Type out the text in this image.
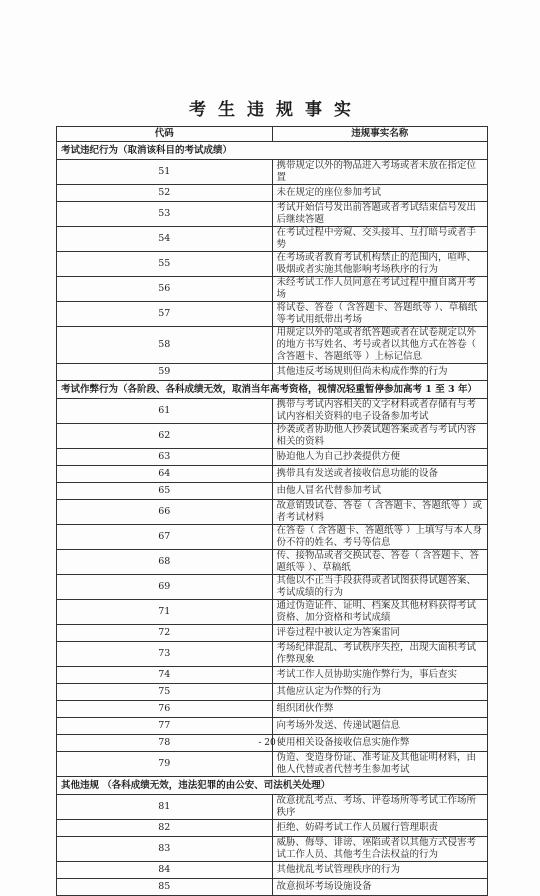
考生违规事实
代码	违规事实名称
考试违纪行为（取消该科目的考试成绩）	
51	携带规定以外的物品进入考场或者未放在指定位置
52	未在规定的座位参加考试
53	考试开始信号发出前答题或者考试结束信号发出后继续答题
54	在考试过程中旁窥、交头接耳、互打暗号或者手势
55	在考场或者教育考试机构禁止的范围内，喧哗、吸烟或者实施其他影响考场秩序的行为
56	未经考试工作人员同意在考试过程中擅自离开考场
57	将试卷、答卷（ 含答题卡、答题纸等 ）、草稿纸等考试用纸带出考场
58	用规定以外的笔或者纸答题或者在试卷规定以外的地方书写姓名、考号或者以其他方式在答卷（ 含答题卡、答题纸等 ）上标记信息
59	其他违反考场规则但尚未构成作弊的行为
考试作弊行为（各阶段、各科成绩无效，取消当年高考资格，视情况轻重暂停参加高考 1 至 3 年）	
61	携带与考试内容相关的文字材料或者存储有与考试内容相关资料的电子设备参加考试
62	抄袭或者协助他人抄袭试题答案或者与考试内容相关的资料
63	胁迫他人为自己抄袭提供方便
64	携带具有发送或者接收信息功能的设备
65	由他人冒名代替参加考试
66	故意销毁试卷、答卷（ 含答题卡、答题纸等 ）或者考试材料
67	在答卷（ 含答题卡、答题纸等 ）上填写与本人身份不符的姓名、考号等信息
68	传、接物品或者交换试卷、答卷（ 含答题卡、答题纸等 ）、草稿纸
69	其他以不正当手段获得或者试图获得试题答案、考试成绩的行为
71	通过伪造证件、证明、档案及其他材料获得考试资格、加分资格和考试成绩
72	评卷过程中被认定为答案雷同
73	考场纪律混乱、考试秩序失控，出现大面积考试作弊现象
74	考试工作人员协助实施作弊行为，事后查实
75	其他应认定为作弊的行为
76	组织团伙作弊
77	向考场外发送、传递试题信息
78	使用相关设备接收信息实施作弊
79	伪造、变造身份证、准考证及其他证明材料，由他人代替或者代替考生参加考试
其他违规 （各科成绩无效，违法犯罪的由公安、司法机关处理）	
81	故意扰乱考点、考场、评卷场所等考试工作场所秩序
82	拒绝、妨碍考试工作人员履行管理职责
83	威胁、侮辱、诽谤、诬陷或者以其他方式侵害考试工作人员、其他考生合法权益的行为
84	其他扰乱考试管理秩序的行为
85	故意损坏考场设施设备
- 20 -
